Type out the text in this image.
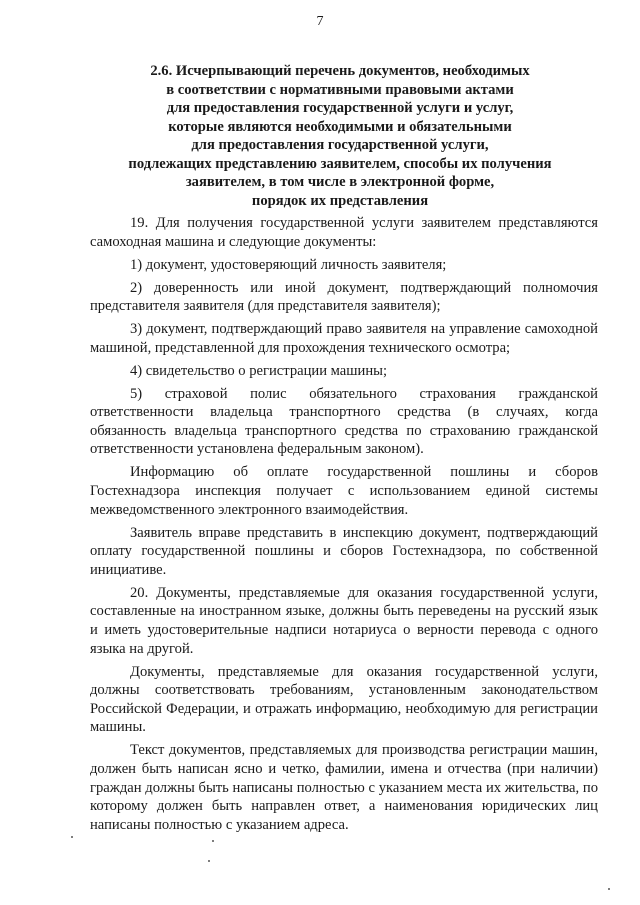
7
2.6. Исчерпывающий перечень документов, необходимых
в соответствии с нормативными правовыми актами
для предоставления государственной услуги и услуг,
которые являются необходимыми и обязательными
для предоставления государственной услуги,
подлежащих представлению заявителем, способы их получения
заявителем, в том числе в электронной форме,
порядок их представления

19. Для получения государственной услуги заявителем представляются самоходная машина и следующие документы:

1) документ, удостоверяющий личность заявителя;

2) доверенность или иной документ, подтверждающий полномочия представителя заявителя (для представителя заявителя);

3) документ, подтверждающий право заявителя на управление самоходной машиной, представленной для прохождения технического осмотра;

4) свидетельство о регистрации машины;

5) страховой полис обязательного страхования гражданской ответственности владельца транспортного средства (в случаях, когда обязанность владельца транспортного средства по страхованию гражданской ответственности установлена федеральным законом).

Информацию об оплате государственной пошлины и сборов Гостехнадзора инспекция получает с использованием единой системы межведомственного электронного взаимодействия.

Заявитель вправе представить в инспекцию документ, подтверждающий оплату государственной пошлины и сборов Гостехнадзора, по собственной инициативе.

20. Документы, представляемые для оказания государственной услуги, составленные на иностранном языке, должны быть переведены на русский язык и иметь удостоверительные надписи нотариуса о верности перевода с одного языка на другой.

Документы, представляемые для оказания государственной услуги, должны соответствовать требованиям, установленным законодательством Российской Федерации, и отражать информацию, необходимую для регистрации машины.

Текст документов, представляемых для производства регистрации машин, должен быть написан ясно и четко, фамилии, имена и отчества (при наличии) граждан должны быть написаны полностью с указанием места их жительства, по которому должен быть направлен ответ, а наименования юридических лиц написаны полностью с указанием адреса.
